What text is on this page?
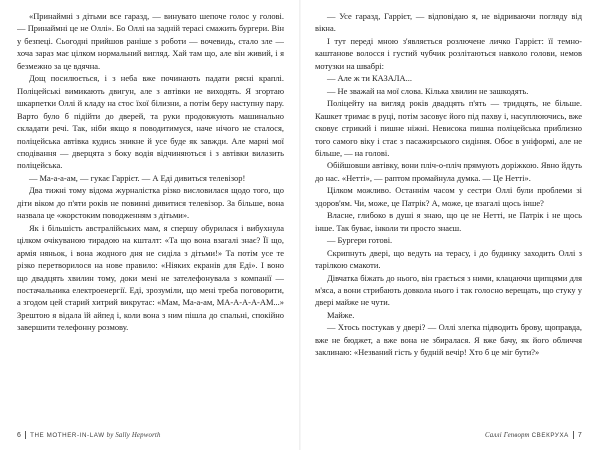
«Принаймні з дітьми все гаразд, — винувато шепоче голос у голові. — Принаймні це не Оллі». Бо Оллі на задній терасі смажить бургери. Він у безпеці. Сьогодні прийшов раніше з роботи — вочевидь, стало зле — хоча зараз має цілком нормальний вигляд. Хай там що, але він живий, і я безмежно за це вдячна.

Дощ посилюється, і з неба вже починають падати рясні краплі. Поліцейські вимикають двигун, але з автівки не виходять. Я згортаю шкарпетки Оллі й кладу на стос їхої білизни, а потім беру наступну пару. Варто було б підійти до дверей, та руки продовжують машинально складати речі. Так, ніби якщо я поводитимуся, наче нічого не сталося, поліцейська автівка кудись зникне й усе буде як завжди. Але марні мої сподівання — дверцята з боку водія відчиняються і з автівки вилазить поліцейська.

— Ма-а-а-ам, — гукає Гаррієт. — А Еді дивиться телевізор!

Два тижні тому відома журналістка різко висловилася щодо того, що діти віком до п'яти років не повинні дивитися телевізор. За більше, вона назвала це «жорстоким поводженням з дітьми».

Як і більшість австралійських мам, я спершу обурилася і вибухнула цілком очікуваною тирадою на кшталт: «Та що вона взагалі знає? Її що, армія няньок, і вона жодного дня не сиділа з дітьми!» Та потім усе те різко перетворилося на нове правило: «Ніяких екранів для Еді». І воно що двадцять хвилин тому, доки мені не зателефонувала з компанії — постачальника електроенергії. Еді, зрозуміли, що мені треба поговорити, а згодом цей старий хитрий викрутас: «Мам, Ма-а-ам, МА-А-А-А-АМ...» Зрештою я відала їй айпед і, коли вона з ним пішла до спальні, спокійно завершити телефонну розмову.

6 THE MOTHER-IN-LAW
by Sally Hepworth

— Усе гаразд, Гаррієт, — відповідаю я, не відриваючи погляду від вікна.

І тут переді мною з'являється розлючене личко Гаррієт: її темно-каштанове волосся і густий чубчик розлітаються навколо голови, немов мотузки на швабрі:

— Але ж ти КАЗАЛА...

— Не зважай на мої слова. Кілька хвилин не зашкодять.

Поліцейту на вигляд років двадцять п'ять — тридцять, не більше. Кашкет тримає в руці, потім засовує його під пахву і, насуплюючись, вже сковує стрикий і пишне ніжні. Невисока пишна поліцейська приблизно того самого віку і стає з пасажирського сидіння. Обоє в уніформі, але не більше, — на голові.

Обійшовши автівку, вони пліч-о-пліч прямують доріжкою. Явно йдуть до нас. «Нетті», — раптом промайнула думка. — Це Нетті».

Цілком можливо. Останнім часом у сестри Оллі були проблеми зі здоров'ям. Чи, може, це Патрік? А, може, це взагалі щось інше?

Власне, глибоко в душі я знаю, що це не Нетті, не Патрік і не щось інше. Так буває, інколи ти просто знаєш.

— Бургери готові.

Скрипнуть двері, що ведуть на терасу, і до будинку заходить Оллі з тарілкою смакоти.

Дівчатка біжать до нього, він грається з ними, клацаючи щипцями для м'яса, а вони стрибають довкола нього і так голосно верещать, що стуку у двері майже не чути.

Майже.

— Хтось постукав у двері? — Оллі злегка підводить брову, щоправда, вже не бюджет, а вже вона не збиралася. Я вже бачу, як його обличчя заклинаю: «Незваний гість у будній вечір! Хто б це міг бути?»

Саллі Гепворт
СВЕКРУХА 7
